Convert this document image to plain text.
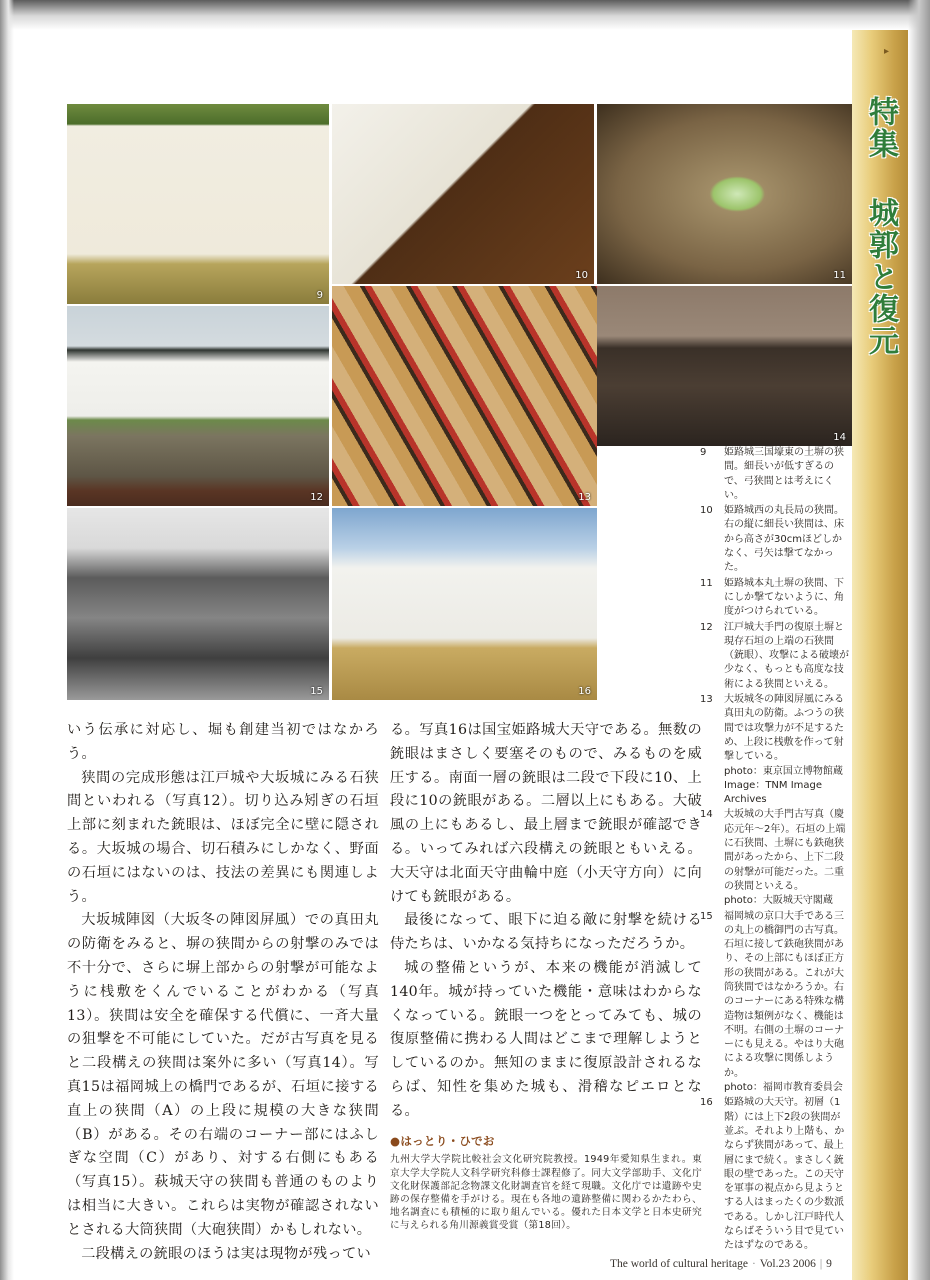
▸
特集 城郭と復元
9
10	11
12	13
14
15	16

いう伝承に対応し、堀も創建当初ではなかろう。

狭間の完成形態は江戸城や大坂城にみる石狭間といわれる（写真12）。切り込み矧ぎの石垣上部に刻まれた銃眼は、ほぼ完全に壁に隠される。大坂城の場合、切石積みにしかなく、野面の石垣にはないのは、技法の差異にも関連しよう。

大坂城陣図（大坂冬の陣図屏風）での真田丸の防衛をみると、塀の狭間からの射撃のみでは不十分で、さらに塀上部からの射撃が可能なように桟敷をくんでいることがわかる（写真13）。狭間は安全を確保する代償に、一斉大量の狙撃を不可能にしていた。だが古写真を見ると二段構えの狭間は案外に多い（写真14）。写真15は福岡城上の橋門であるが、石垣に接する直上の狭間（A）の上段に規模の大きな狭間（B）がある。その右端のコーナー部にはふしぎな空間（C）があり、対する右側にもある（写真15）。萩城天守の狭間も普通のものよりは相当に大きい。これらは実物が確認されないとされる大筒狭間（大砲狭間）かもしれない。

二段構えの銃眼のほうは実は現物が残ってい

る。写真16は国宝姫路城大天守である。無数の銃眼はまさしく要塞そのもので、みるものを威圧する。南面一層の銃眼は二段で下段に10、上段に10の銃眼がある。二層以上にもある。大破風の上にもあるし、最上層まで銃眼が確認できる。いってみれば六段構えの銃眼ともいえる。大天守は北面天守曲輪中庭（小天守方向）に向けても銃眼がある。

最後になって、眼下に迫る敵に射撃を続ける侍たちは、いかなる気持ちになっただろうか。

城の整備というが、本来の機能が消滅して140年。城が持っていた機能・意味はわからなくなっている。銃眼一つをとってみても、城の復原整備に携わる人間はどこまで理解しようとしているのか。無知のままに復原設計されるならば、知性を集めた城も、滑稽なピエロとなる。

●はっとり・ひでお
九州大学大学院比較社会文化研究院教授。1949年愛知県生まれ。東京大学大学院人文科学研究科修士課程修了。同大文学部助手、文化庁文化財保護部記念物課文化財調査官を経て現職。文化庁では遺跡や史跡の保存整備を手がける。現在も各地の遺跡整備に関わるかたわら、地名調査にも積極的に取り組んでいる。優れた日本文学と日本史研究に与えられる角川源義賞受賞（第18回）。
9	姫路城三国壕東の土塀の狭間。細長いが低すぎるので、弓狭間とは考えにくい。
10	姫路城西の丸長局の狭間。右の縦に細長い狭間は、床から高さが30cmほどしかなく、弓矢は撃てなかった。
11	姫路城本丸土塀の狭間、下にしか撃てないように、角度がつけられている。
12	江戸城大手門の復原土塀と現存石垣の上端の石狭間（銃眼）、攻撃による破壊が少なく、もっとも高度な技術による狭間といえる。
13	大坂城冬の陣図屏風にみる真田丸の防衛。ふつうの狭間では攻撃力が不足するため、上段に桟敷を作って射撃している。
photo：東京国立博物館蔵
Image：TNM Image Archives
14	大坂城の大手門古写真（慶応元年〜2年）。石垣の上端に石狭間、土塀にも鉄砲狭間があったから、上下二段の射撃が可能だった。二重の狭間といえる。
photo：大阪城天守閣蔵
15	福岡城の京口大手である三の丸上の橋御門の古写真。石垣に接して鉄砲狭間があり、その上部にもほぼ正方形の狭間がある。これが大筒狭間ではなかろうか。右のコーナーにある特殊な構造物は類例がなく、機能は不明。右側の土塀のコーナーにも見える。やはり大砲による攻撃に関係しようか。
photo：福岡市教育委員会
16	姫路城の大天守。初層（1階）には上下2段の狭間が並ぶ。それより上階も、かならず狭間があって、最上層にまで続く。まさしく銃眼の壁であった。この天守を軍事の視点から見ようとする人はまったくの少数派である。しかし江戸時代人ならばそういう目で見ていたはずなのである。
The world of cultural heritage · Vol.23 2006 | 9
